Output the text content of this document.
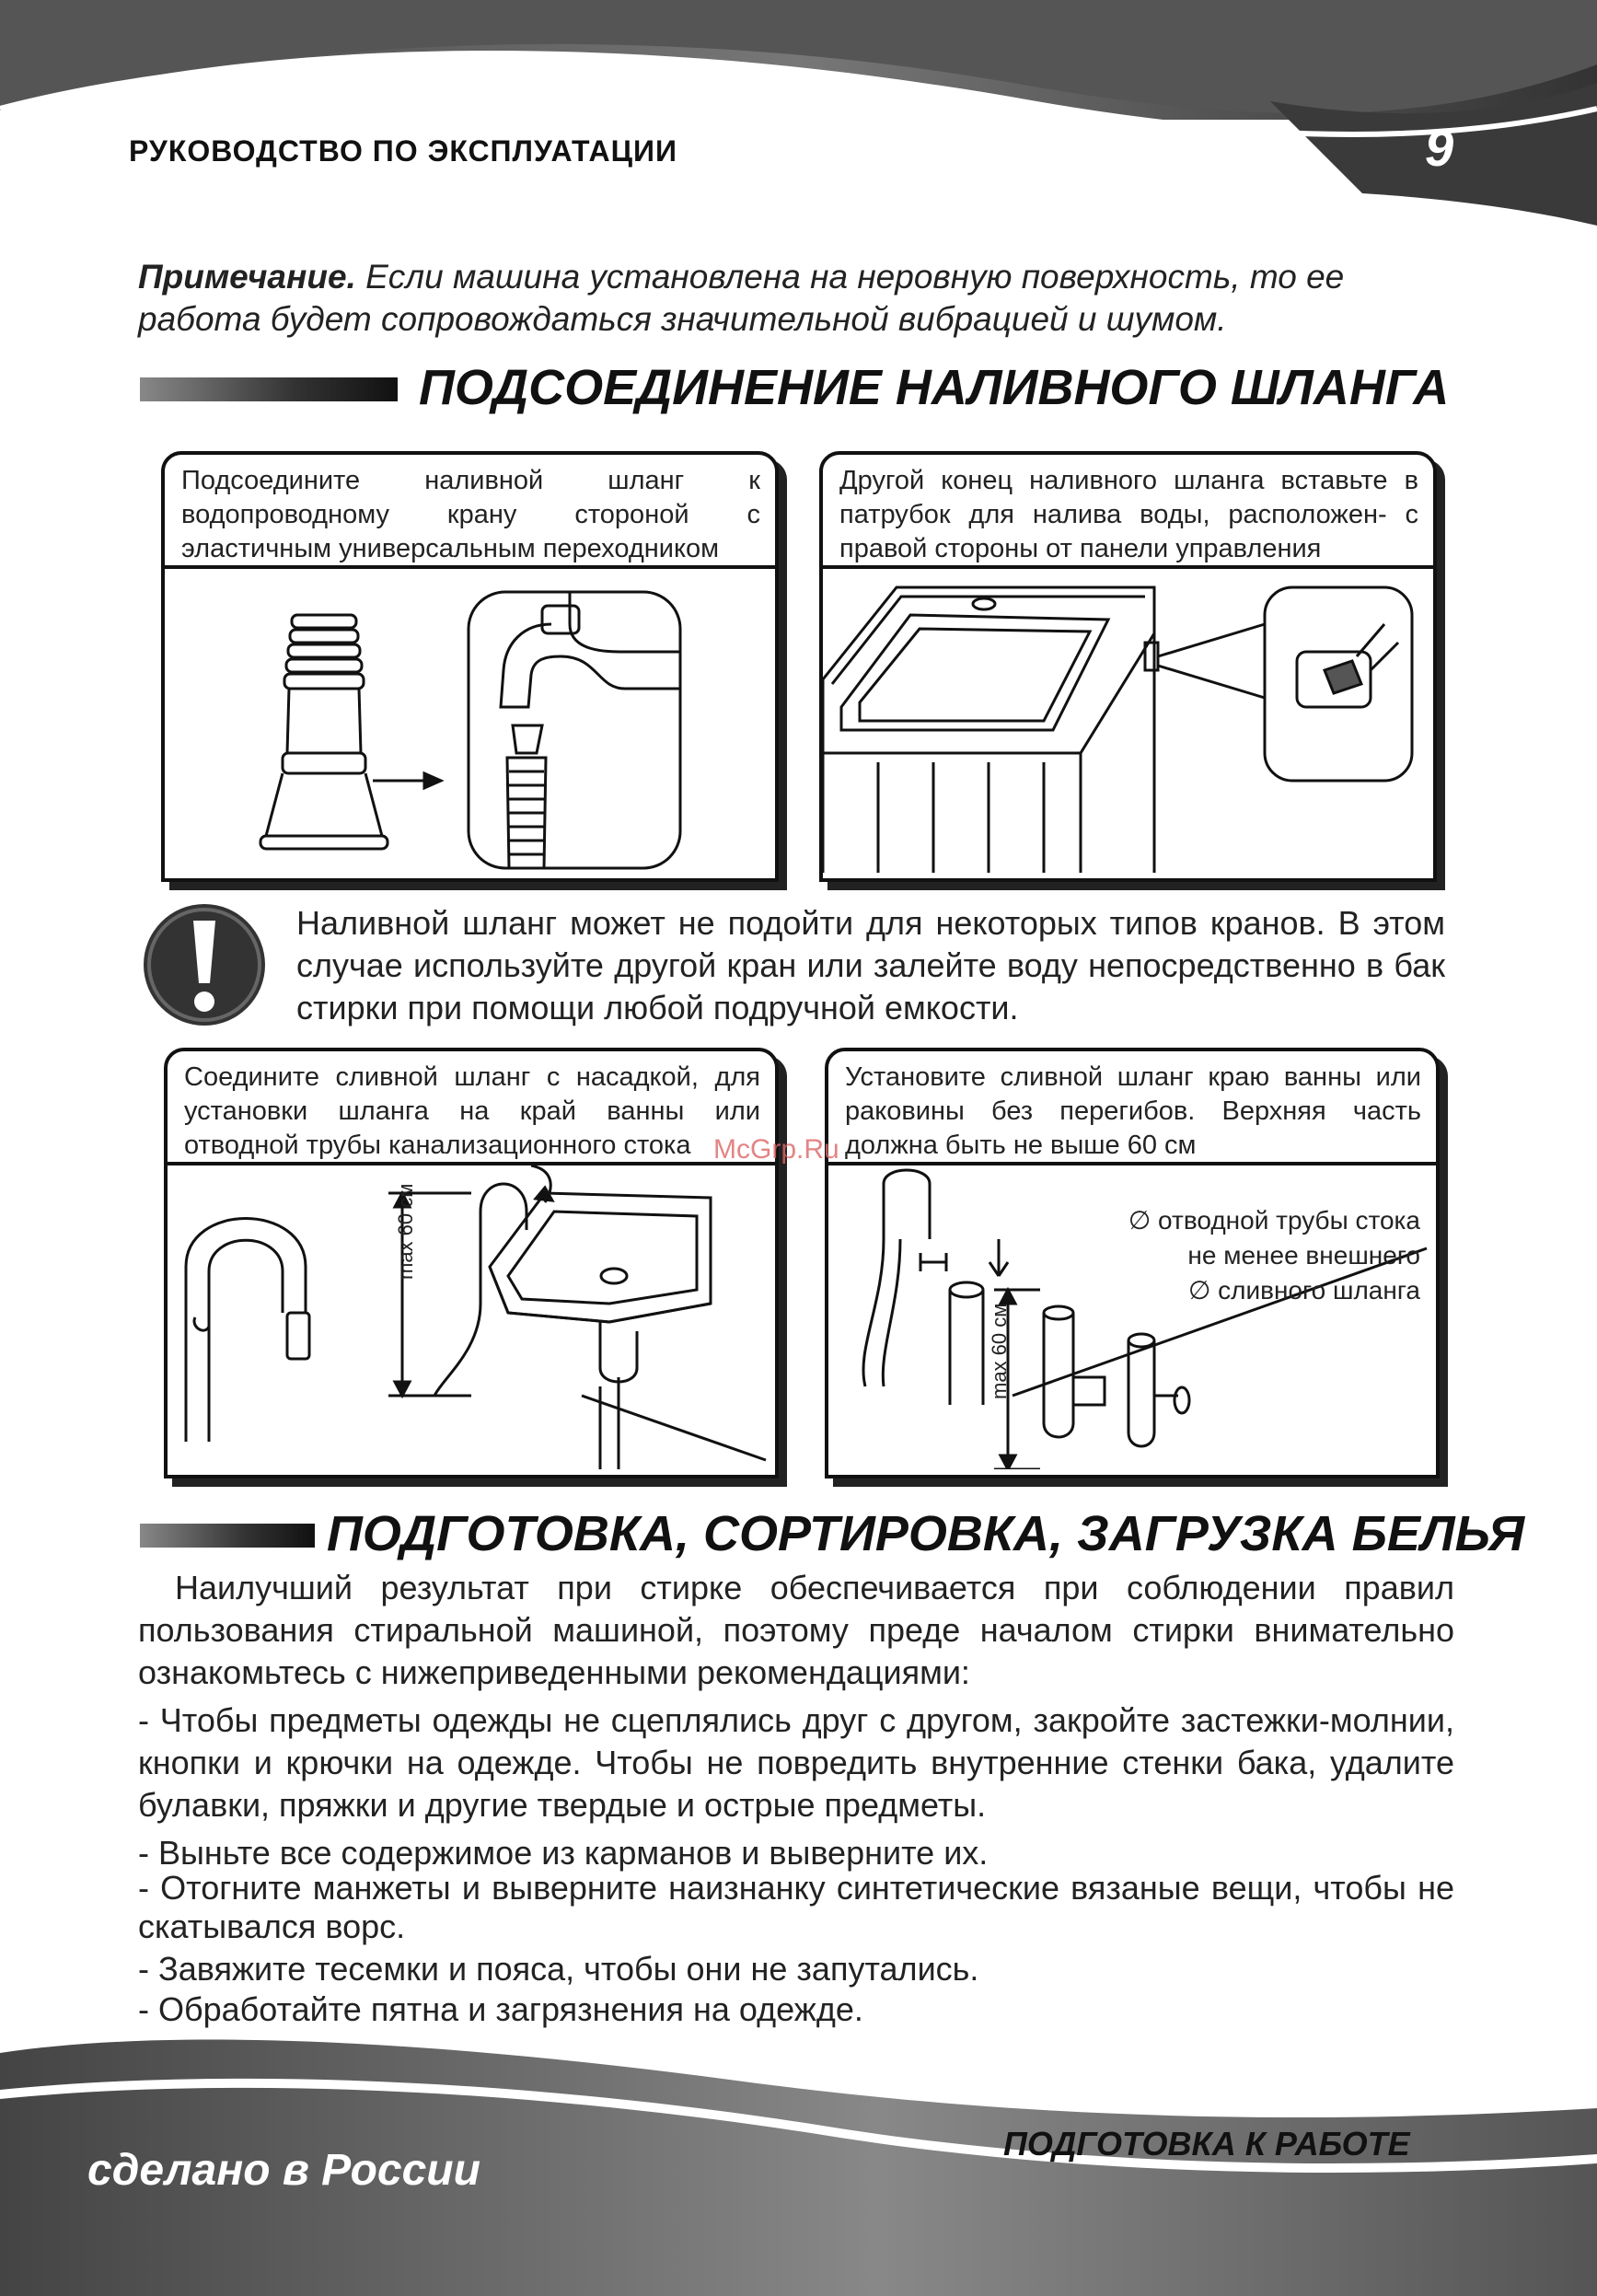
РУКОВОДСТВО ПО ЭКСПЛУАТАЦИИ	9
Примечание. Если машина установлена на неровную поверхность, то ее работа будет сопровождаться значительной вибрацией и шумом.
ПОДСОЕДИНЕНИЕ НАЛИВНОГО ШЛАНГА
Подсоедините наливной шланг к водопроводному крану стороной с эластичным универсальным переходником
Другой конец наливного шланга вставьте в патрубок для налива воды, расположен- с правой стороны от панели управления
Наливной шланг может не подойти для некоторых типов кранов. В этом случае используйте другой кран или залейте воду непосредственно в бак стирки при помощи любой подручной емкости.
Соедините сливной шланг с насадкой, для установки шланга на край ванны или отводной трубы канализационного стока
Установите сливной шланг краю ванны или раковины без перегибов. Верхняя часть должна быть не выше 60 см
∅ отводной трубы стока
не менее внешнего
∅ сливного шланга
max 60 см
max 60 см
McGrp.Ru
ПОДГОТОВКА, СОРТИРОВКА, ЗАГРУЗКА БЕЛЬЯ
Наилучший результат при стирке обеспечивается при соблюдении правил пользования стиральной машиной, поэтому преде началом стирки внимательно ознакомьтесь с нижеприведенными рекомендациями:
- Чтобы предметы одежды не сцеплялись друг с другом, закройте застежки-молнии, кнопки и крючки на одежде. Чтобы не повредить внутренние стенки бака, удалите булавки, пряжки и другие твердые и острые предметы.
- Выньте все содержимое из карманов и выверните их.
- Отогните манжеты и выверните наизнанку синтетические вязаные вещи, чтобы не скатывался ворс.
- Завяжите тесемки и пояса, чтобы они не запутались.
- Обработайте пятна и загрязнения на одежде.
сделано в России
ПОДГОТОВКА К РАБОТЕ
